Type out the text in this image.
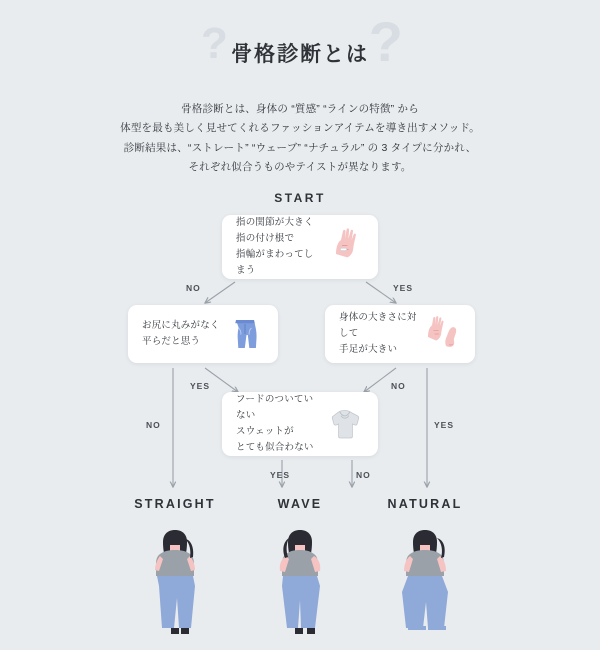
?	?
骨格診断とは
骨格診断とは、身体の “質感” “ラインの特徴” から
体型を最も美しく見せてくれるファッションアイテムを導き出すメソッド。
診断結果は、“ストレート” “ウェーブ” “ナチュラル” の 3 タイプに分かれ、
それぞれ似合うものやテイストが異なります。
START
NO	YES
YES
NO
NO
YES
YES	NO
指の関節が大きく
指の付け根で
指輪がまわってしまう
お尻に丸みがなく
平らだと思う
身体の大きさに対して
手足が大きい
フードのついていない
スウェットが
とても似合わない
STRAIGHT	WAVE	NATURAL
